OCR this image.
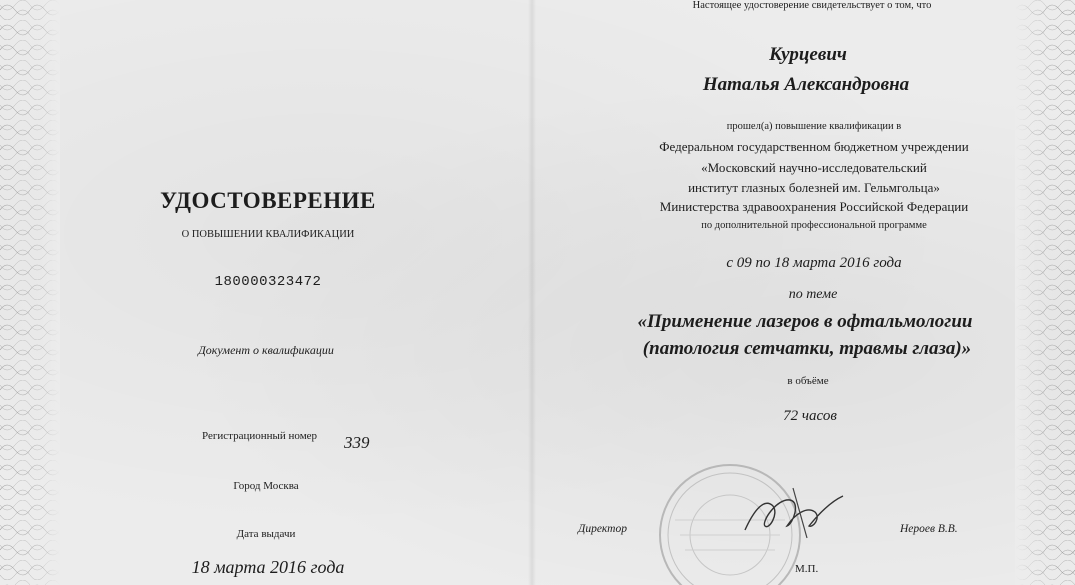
УДОСТОВЕРЕНИЕ
О ПОВЫШЕНИИ КВАЛИФИКАЦИИ
180000323472
Документ о квалификации
Регистрационный номер 339
Город Москва
Дата выдачи
18 марта 2016 года
Настоящее удостоверение свидетельствует о том, что
Курцевич
Наталья Александровна
прошел(а) повышение квалификации в
Федеральном государственном бюджетном учреждении
«Московский научно-исследовательский
институт глазных болезней им. Гельмгольца»
Министерства здравоохранения Российской Федерации
по дополнительной профессиональной программе
с 09 по 18 марта 2016 года
по теме
«Применение лазеров в офтальмологии
(патология сетчатки, травмы глаза)»
в объёме
72 часов
Директор	Нероев В.В.
М.П.
